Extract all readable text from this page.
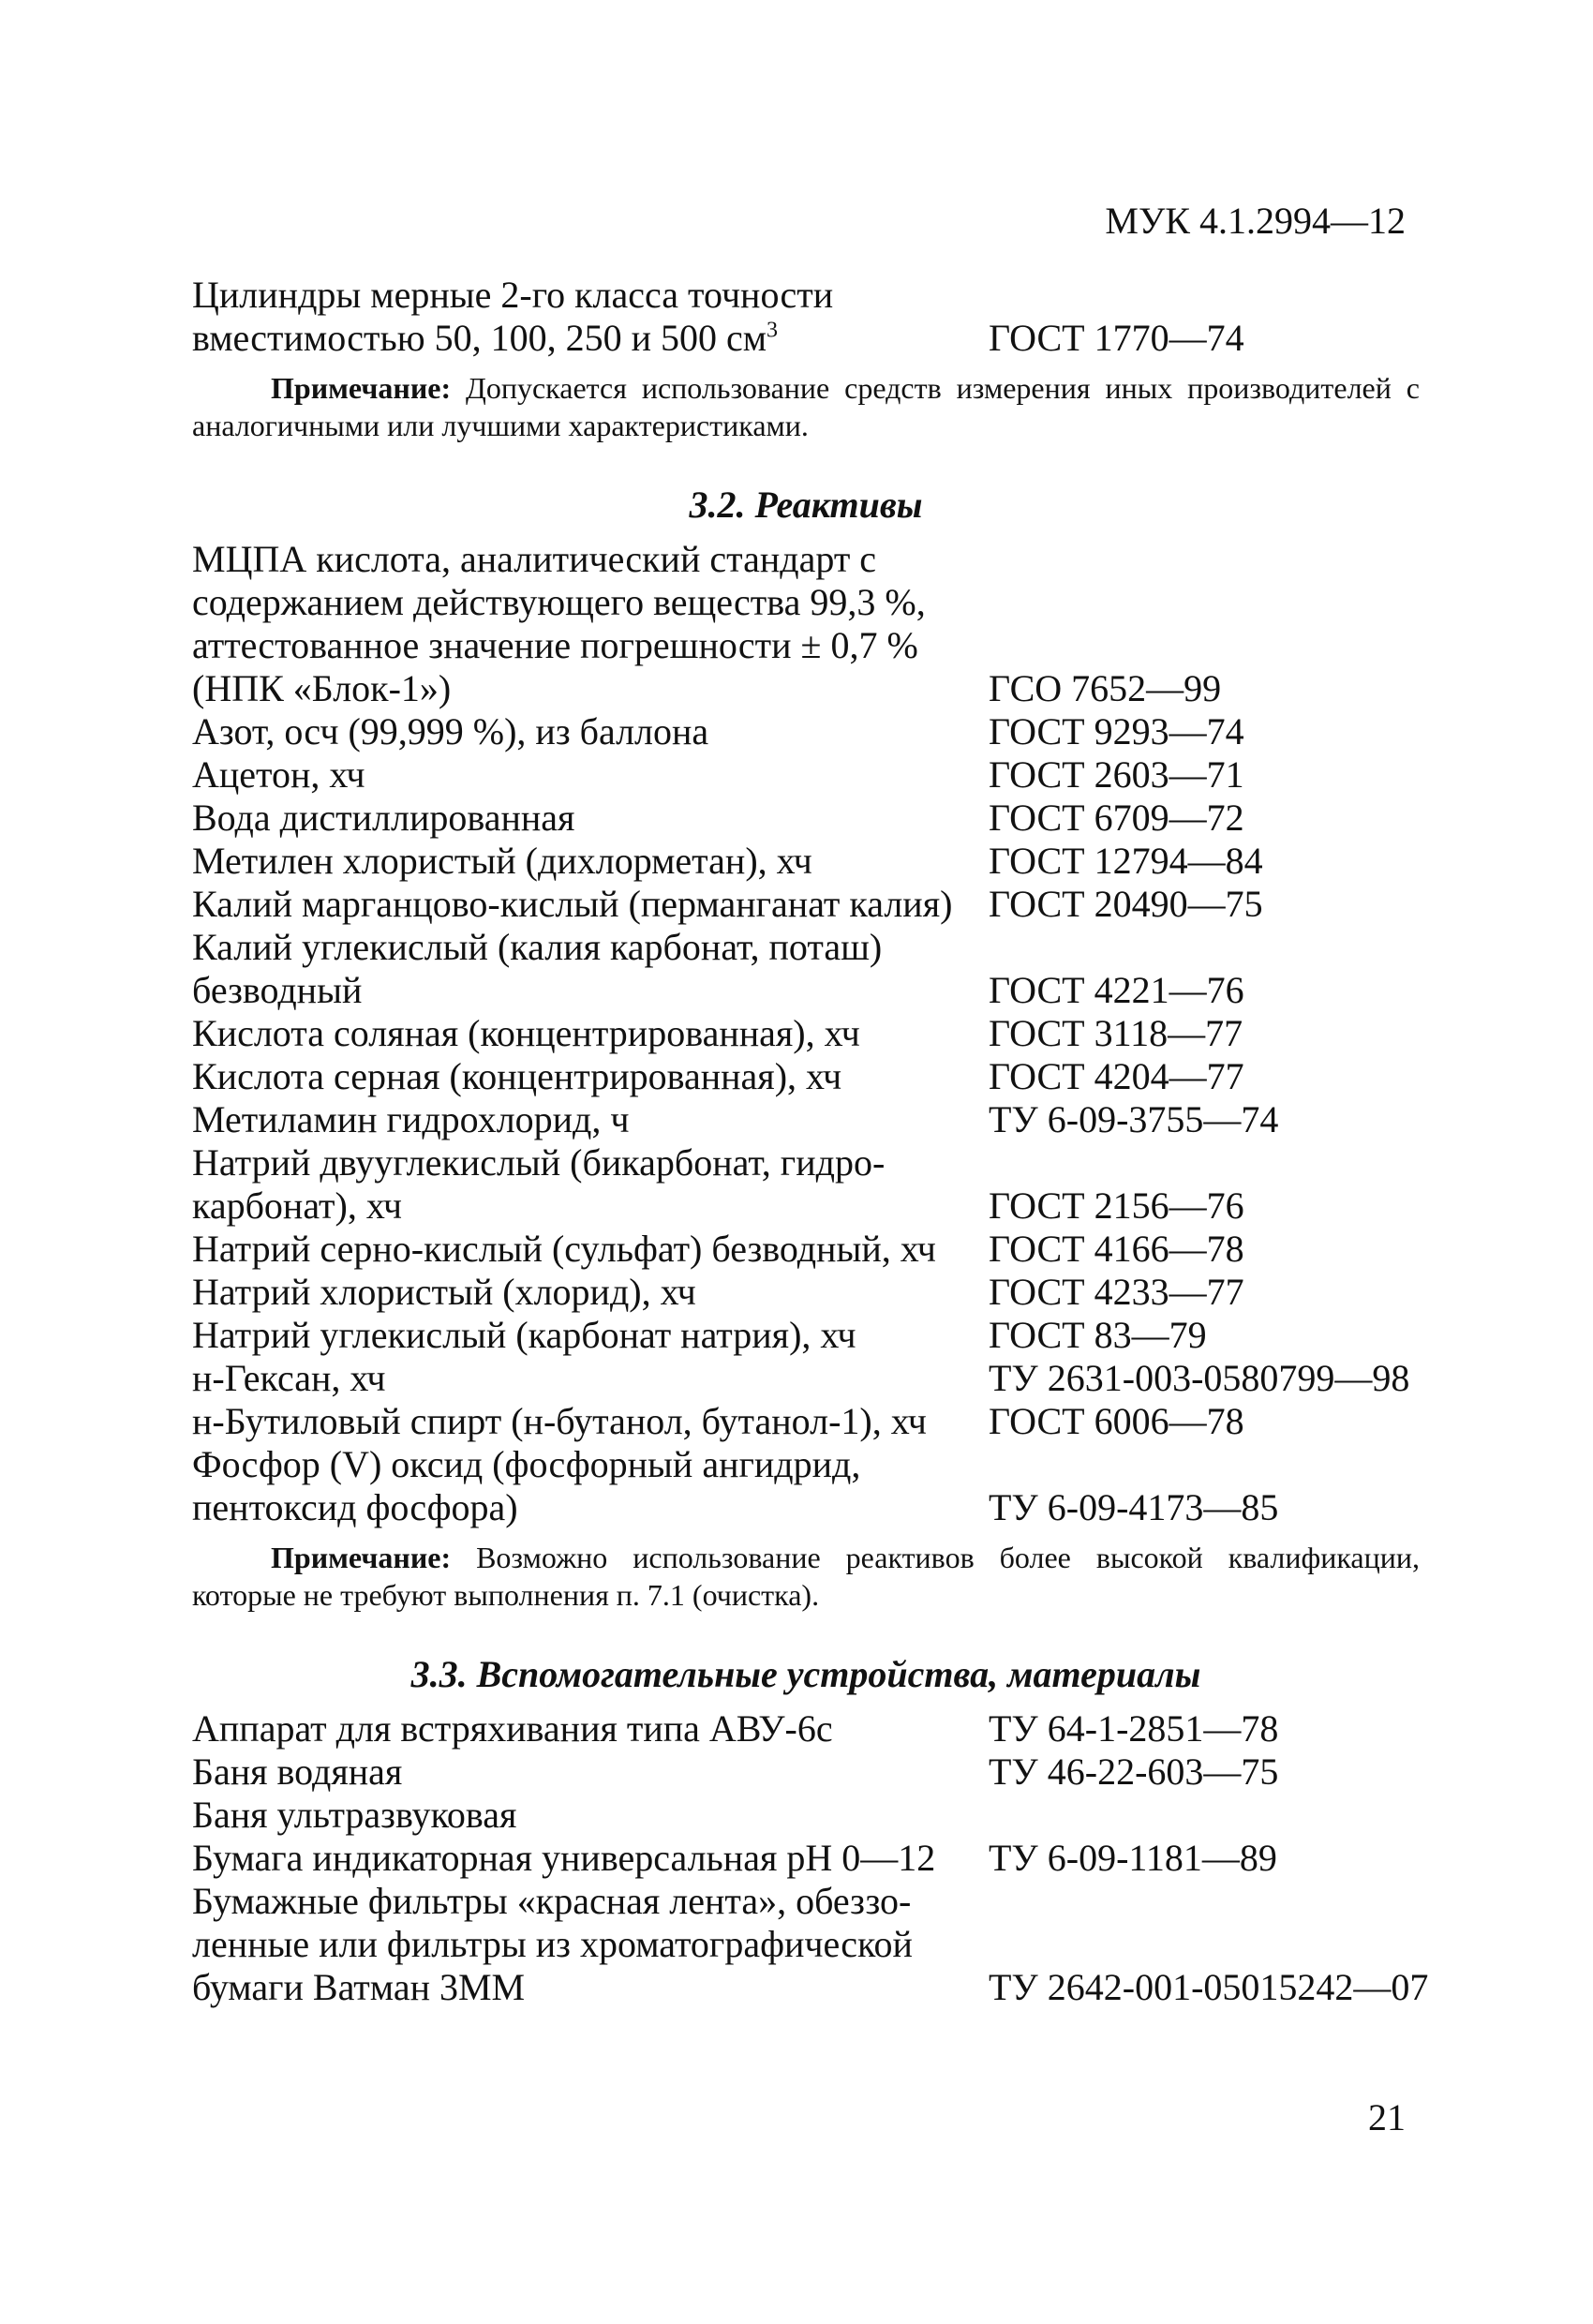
МУК 4.1.2994—12
Цилиндры мерные 2-го класса точности
вместимостью 50, 100, 250 и 500 $см^3$	ГОСТ 1770—74
Примечание: Допускается использование средств измерения иных производителей с аналогичными или лучшими характеристиками.
3.2. Реактивы
МЦПА кислота, аналитический стандарт с
содержанием действующего вещества 99,3 %,
аттестованное значение погрешности ± 0,7 %
(НПК «Блок-1»)	ГСО 7652—99
Азот, осч (99,999 %), из баллона	ГОСТ 9293—74
Ацетон, хч	ГОСТ 2603—71
Вода дистиллированная	ГОСТ 6709—72
Метилен хлористый (дихлорметан), хч	ГОСТ 12794—84
Калий марганцово-кислый (перманганат калия) ГОСТ 20490—75
Калий углекислый (калия карбонат, поташ)
безводный	ГОСТ 4221—76
Кислота соляная (концентрированная), хч	ГОСТ 3118—77
Кислота серная (концентрированная), хч	ГОСТ 4204—77
Метиламин гидрохлорид, ч	ТУ 6-09-3755—74
Натрий двууглекислый (бикарбонат, гидро-
карбонат), хч	ГОСТ 2156—76
Натрий серно-кислый (сульфат) безводный, хч	ГОСТ 4166—78
Натрий хлористый (хлорид), хч	ГОСТ 4233—77
Натрий углекислый (карбонат натрия), хч	ГОСТ 83—79
н-Гексан, хч	ТУ 2631-003-0580799—98
н-Бутиловый спирт (н-бутанол, бутанол-1), хч	ГОСТ 6006—78
Фосфор (V) оксид (фосфорный ангидрид,
пентоксид фосфора)	ТУ 6-09-4173—85
Примечание: Возможно использование реактивов более высокой квалификации, которые не требуют выполнения п. 7.1 (очистка).
3.3. Вспомогательные устройства, материалы
Аппарат для встряхивания типа АВУ-6с	ТУ 64-1-2851—78
Баня водяная	ТУ 46-22-603—75
Баня ультразвуковая
Бумага индикаторная универсальная рН 0—12	ТУ 6-09-1181—89
Бумажные фильтры «красная лента», обеззо-
ленные или фильтры из хроматографической
бумаги Ватман 3ММ	ТУ 2642-001-05015242—07
21
